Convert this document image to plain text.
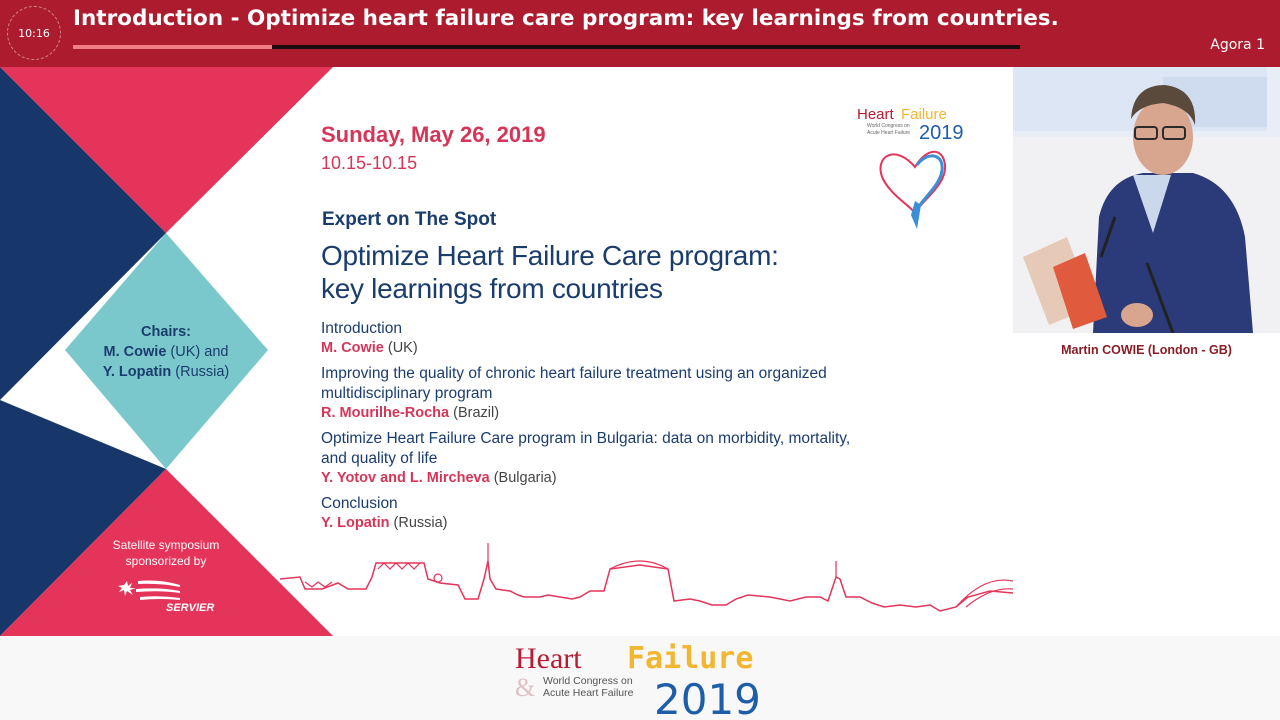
10:16
Introduction - Optimize heart failure care program: key learnings from countries.
Agora 1
Chairs:
M. Cowie (UK) and
Y. Lopatin (Russia)
Satellite symposium
sponsorized by
SERVIER
Sunday, May 26, 2019
10.15-10.15
Expert on The Spot
Optimize Heart Failure Care program:
key learnings from countries
Introduction
M. Cowie (UK)
Improving the quality of chronic heart failure treatment using an organized
multidisciplinary program
R. Mourilhe-Rocha (Brazil)
Optimize Heart Failure Care program in Bulgaria: data on morbidity, mortality,
and quality of life
Y. Yotov and L. Mircheva (Bulgaria)
Conclusion
Y. Lopatin (Russia)
Heart Failure
World Congress on
Acute Heart Failure 2019
Martin COWIE (London - GB)
Heart Failure
& World Congress on
Acute Heart Failure 2019
